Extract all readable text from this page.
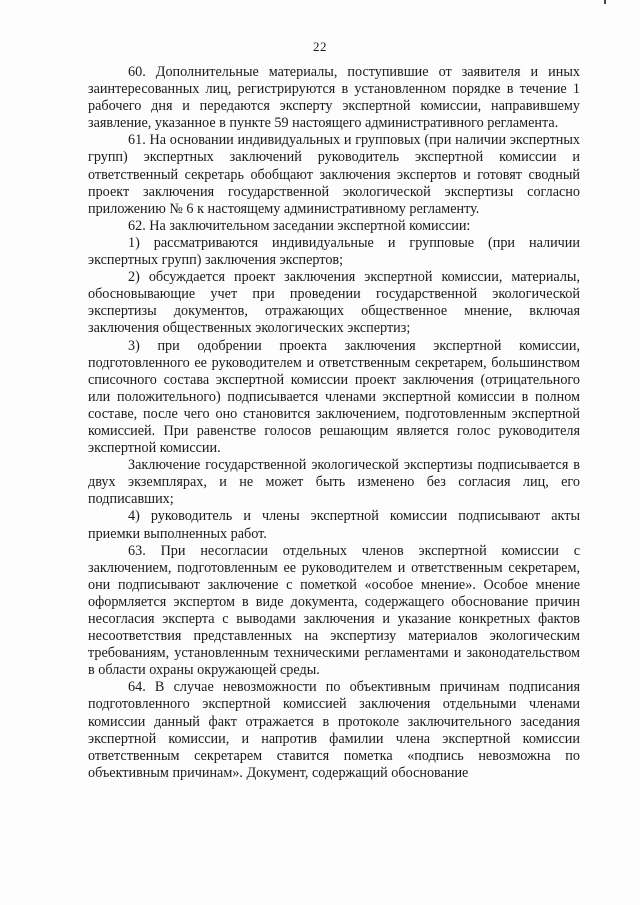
22

60. Дополнительные материалы, поступившие от заявителя и иных заинтересованных лиц, регистрируются в установленном порядке в течение 1 рабочего дня и передаются эксперту экспертной комиссии, направившему заявление, указанное в пункте 59 настоящего административного регламента.

61. На основании индивидуальных и групповых (при наличии экспертных групп) экспертных заключений руководитель экспертной комиссии и ответственный секретарь обобщают заключения экспертов и готовят сводный проект заключения государственной экологической экспертизы согласно приложению № 6 к настоящему административному регламенту.

62. На заключительном заседании экспертной комиссии:

1) рассматриваются индивидуальные и групповые (при наличии экспертных групп) заключения экспертов;

2) обсуждается проект заключения экспертной комиссии, материалы, обосновывающие учет при проведении государственной экологической экспертизы документов, отражающих общественное мнение, включая заключения общественных экологических экспертиз;

3) при одобрении проекта заключения экспертной комиссии, подготовленного ее руководителем и ответственным секретарем, большинством списочного состава экспертной комиссии проект заключения (отрицательного или положительного) подписывается членами экспертной комиссии в полном составе, после чего оно становится заключением, подготовленным экспертной комиссией. При равенстве голосов решающим является голос руководителя экспертной комиссии.

Заключение государственной экологической экспертизы подписывается в двух экземплярах, и не может быть изменено без согласия лиц, его подписавших;

4) руководитель и члены экспертной комиссии подписывают акты приемки выполненных работ.

63. При несогласии отдельных членов экспертной комиссии с заключением, подготовленным ее руководителем и ответственным секретарем, они подписывают заключение с пометкой «особое мнение». Особое мнение оформляется экспертом в виде документа, содержащего обоснование причин несогласия эксперта с выводами заключения и указание конкретных фактов несоответствия представленных на экспертизу материалов экологическим требованиям, установленным техническими регламентами и законодательством в области охраны окружающей среды.

64. В случае невозможности по объективным причинам подписания подготовленного экспертной комиссией заключения отдельными членами комиссии данный факт отражается в протоколе заключительного заседания экспертной комиссии, и напротив фамилии члена экспертной комиссии ответственным секретарем ставится пометка «подпись невозможна по объективным причинам». Документ, содержащий обоснование
